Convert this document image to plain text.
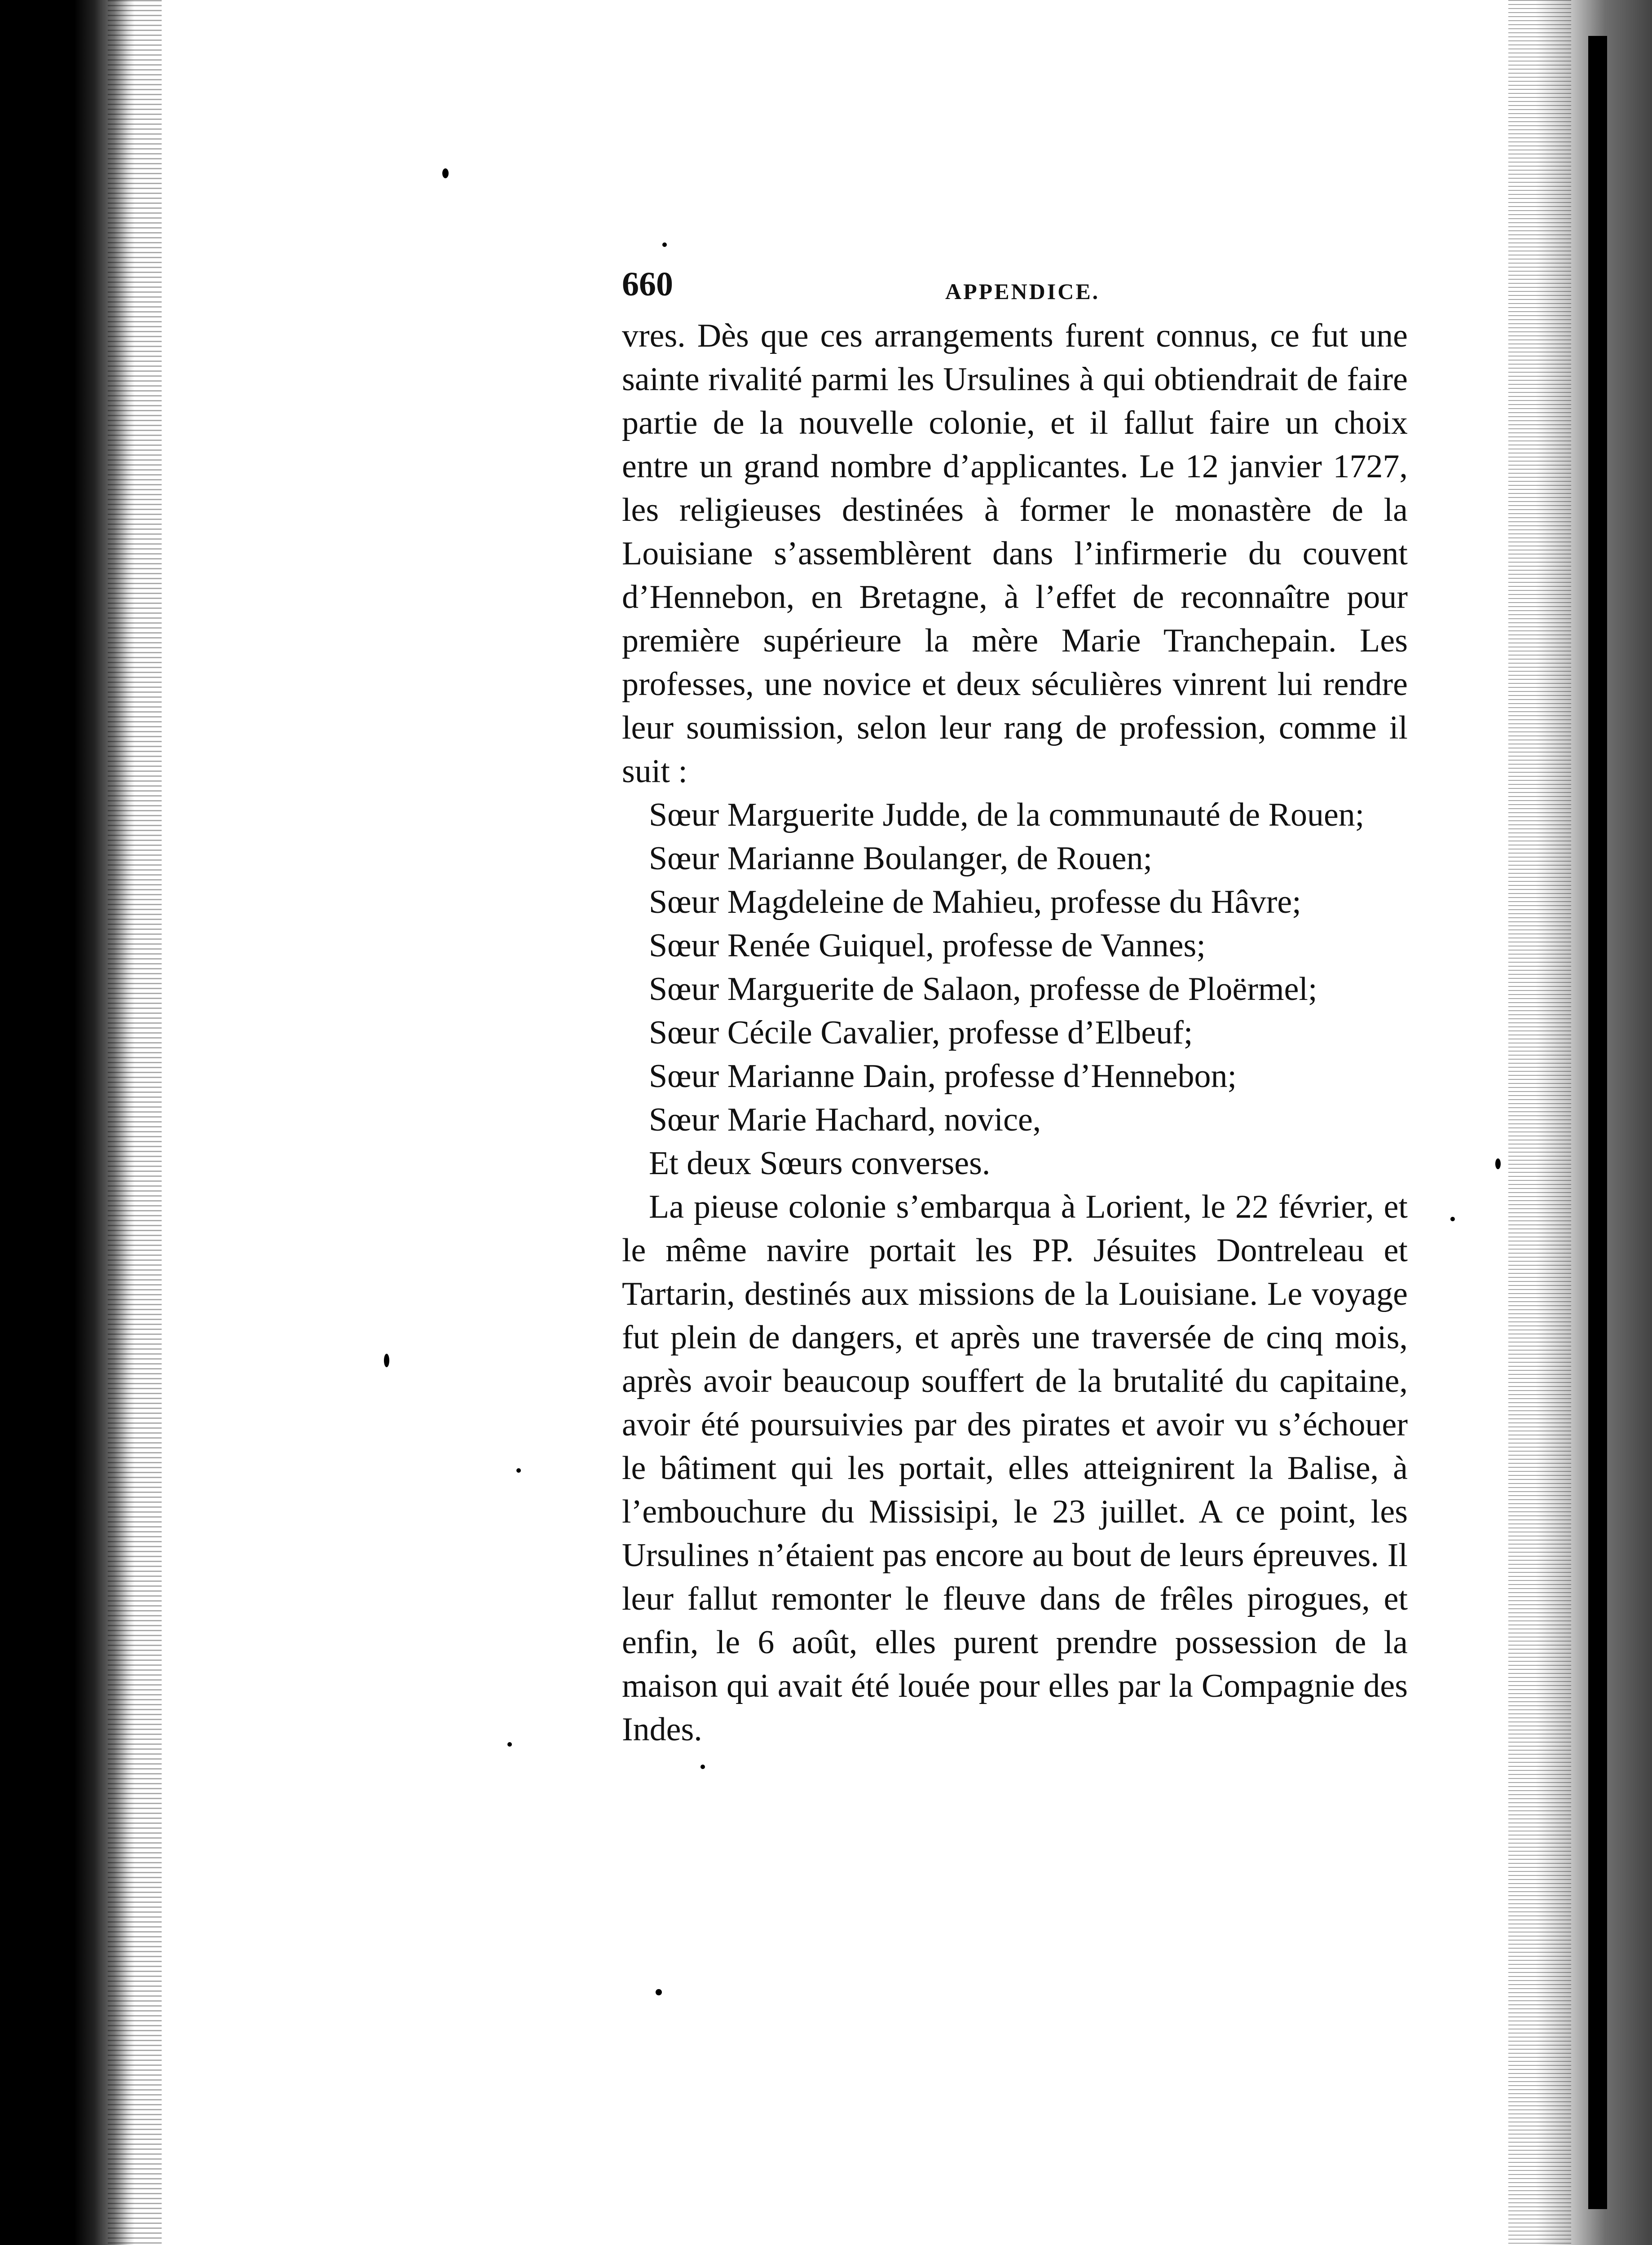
660	APPENDICE.

vres. Dès que ces arrangements furent connus, ce fut une sainte rivalité parmi les Ursulines à qui obtiendrait de faire partie de la nouvelle colonie, et il fallut faire un choix entre un grand nombre d’applicantes. Le 12 janvier 1727, les religieuses destinées à former le monastère de la Louisiane s’assemblèrent dans l’infirmerie du couvent d’Hennebon, en Bretagne, à l’effet de reconnaître pour première supérieure la mère Marie Tranchepain. Les professes, une novice et deux séculières vinrent lui rendre leur soumission, selon leur rang de profession, comme il suit :

Sœur Marguerite Judde, de la communauté de Rouen;
Sœur Marianne Boulanger, de Rouen;
Sœur Magdeleine de Mahieu, professe du Hâvre;
Sœur Renée Guiquel, professe de Vannes;
Sœur Marguerite de Salaon, professe de Ploërmel;
Sœur Cécile Cavalier, professe d’Elbeuf;
Sœur Marianne Dain, professe d’Hennebon;
Sœur Marie Hachard, novice,
Et deux Sœurs converses.

La pieuse colonie s’embarqua à Lorient, le 22 février, et le même navire portait les PP. Jésuites Dontreleau et Tartarin, destinés aux missions de la Louisiane. Le voyage fut plein de dangers, et après une traversée de cinq mois, après avoir beaucoup souffert de la brutalité du capitaine, avoir été poursuivies par des pirates et avoir vu s’échouer le bâtiment qui les portait, elles atteignirent la Balise, à l’embouchure du Missisipi, le 23 juillet. A ce point, les Ursulines n’étaient pas encore au bout de leurs épreuves. Il leur fallut remonter le fleuve dans de frêles pirogues, et enfin, le 6 août, elles purent prendre possession de la maison qui avait été louée pour elles par la Compagnie des Indes.
